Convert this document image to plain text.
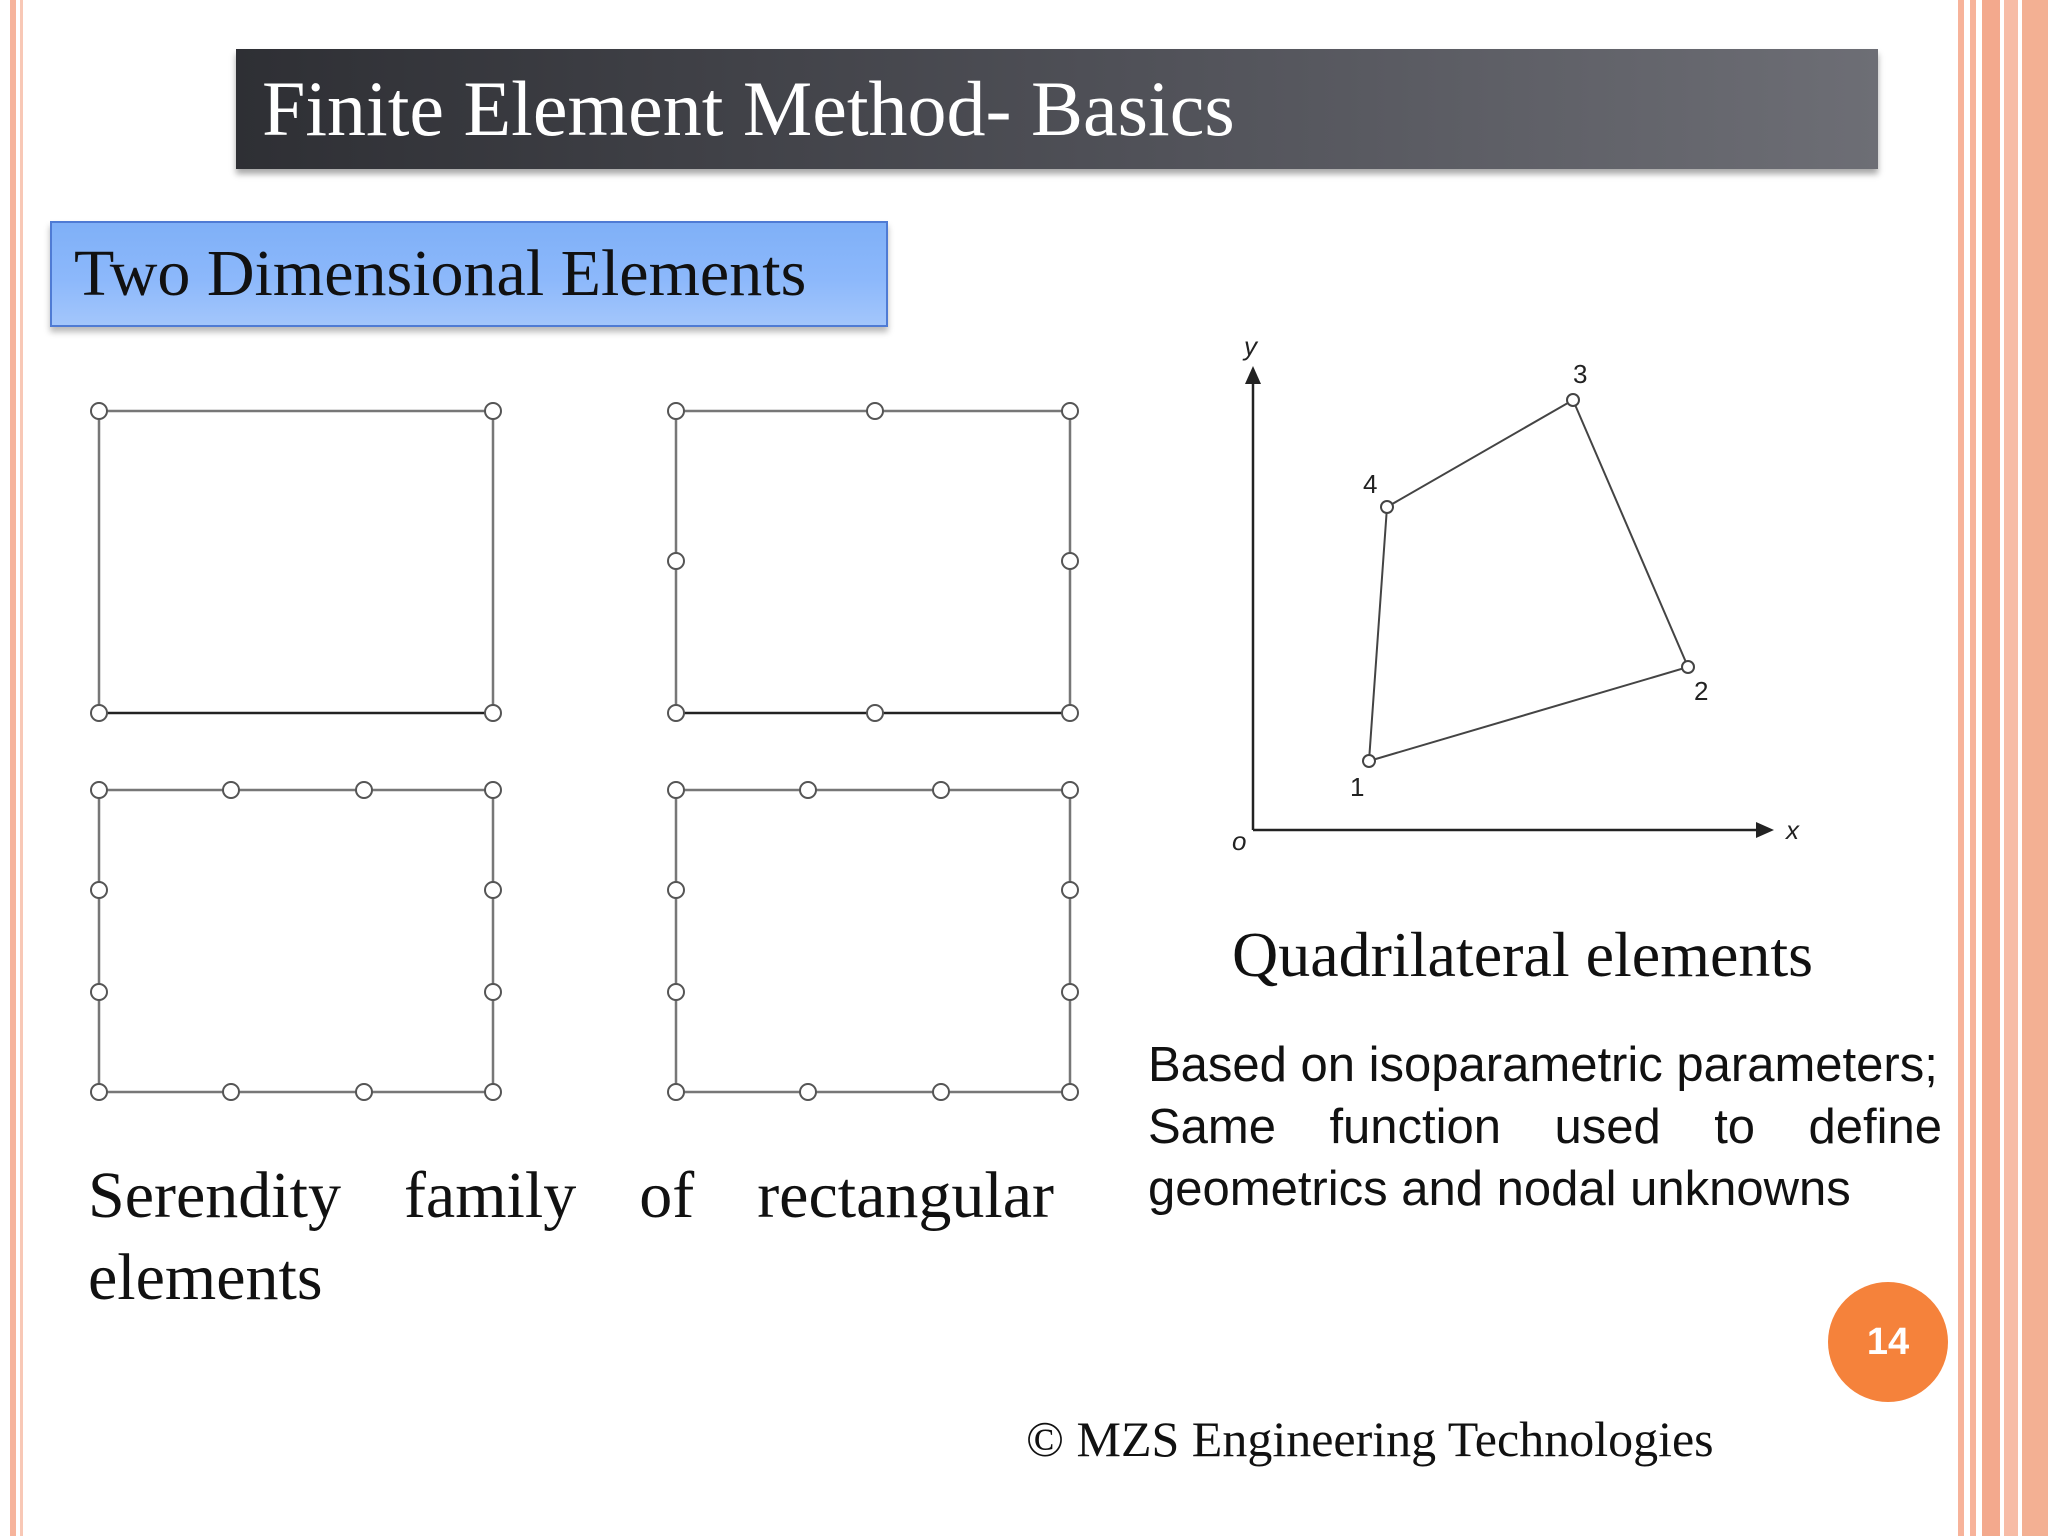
Finite Element Method- Basics
Two Dimensional Elements
y
x
o
1
2
3
4
Serendity family of rectangular elements
Quadrilateral elements

Based on isoparametric parameters;

Same function used to define geometrics and nodal unknowns

14
© MZS Engineering Technologies
